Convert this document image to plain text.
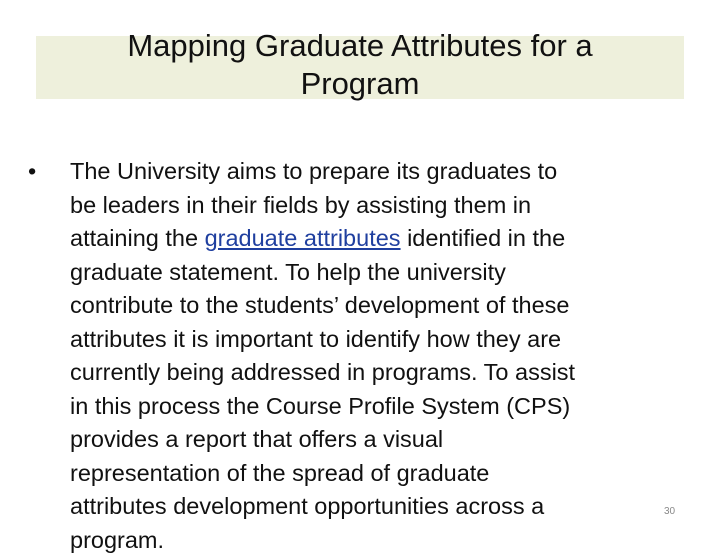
Mapping Graduate Attributes for a
Program
• The University aims to prepare its graduates to
be leaders in their fields by assisting them in
attaining the graduate attributes identified in the
graduate statement. To help the university
contribute to the students’ development of these
attributes it is important to identify how they are
currently being addressed in programs. To assist
in this process the Course Profile System (CPS)
provides a report that offers a visual
representation of the spread of graduate
attributes development opportunities across a
program.
30
